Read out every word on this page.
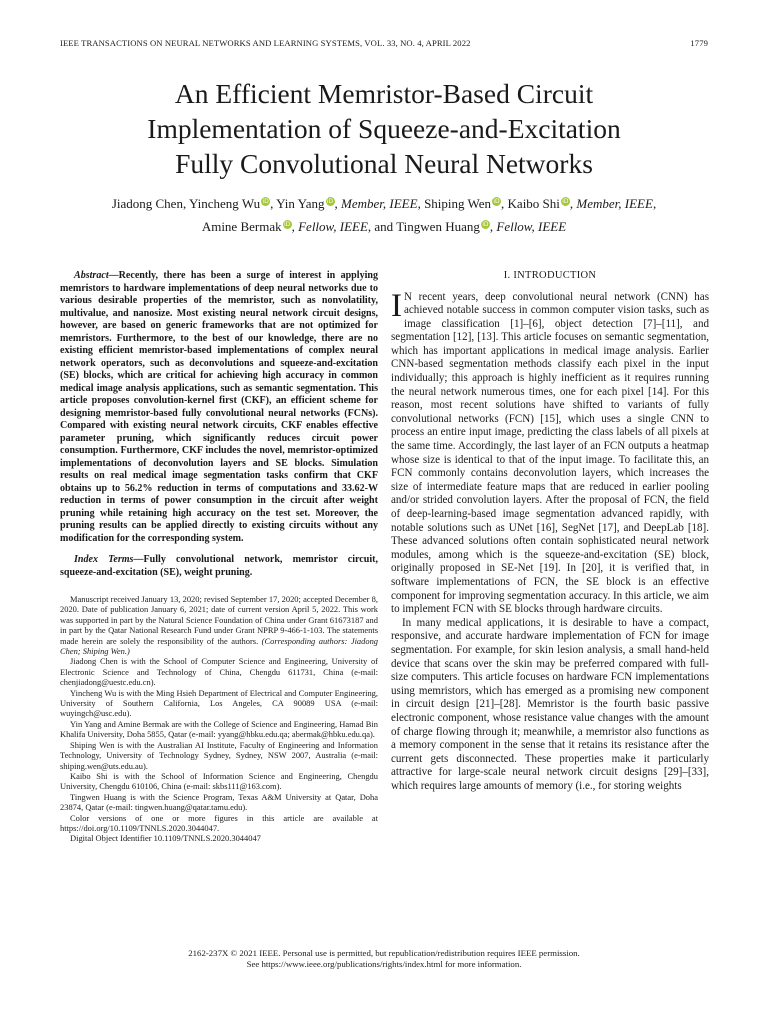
IEEE TRANSACTIONS ON NEURAL NETWORKS AND LEARNING SYSTEMS, VOL. 33, NO. 4, APRIL 2022	1779
An Efficient Memristor-Based Circuit
Implementation of Squeeze-and-Excitation
Fully Convolutional Neural Networks
Jiadong Chen, Yincheng Wu iD, Yin Yang iD, Member, IEEE, Shiping Wen iD, Kaibo Shi iD, Member, IEEE,
Amine Bermak iD, Fellow, IEEE, and Tingwen Huang iD, Fellow, IEEE

Abstract—Recently, there has been a surge of interest in applying memristors to hardware implementations of deep neural networks due to various desirable properties of the memristor, such as nonvolatility, multivalue, and nanosize. Most existing neural network circuit designs, however, are based on generic frameworks that are not optimized for memristors. Furthermore, to the best of our knowledge, there are no existing efficient memristor-based implementations of complex neural network operators, such as deconvolutions and squeeze-and-excitation (SE) blocks, which are critical for achieving high accuracy in common medical image analysis applications, such as semantic segmentation. This article proposes convolution-kernel first (CKF), an efficient scheme for designing memristor-based fully convolutional neural networks (FCNs). Compared with existing neural network circuits, CKF enables effective parameter pruning, which significantly reduces circuit power consumption. Furthermore, CKF includes the novel, memristor-optimized implementations of deconvolution layers and SE blocks. Simulation results on real medical image segmentation tasks confirm that CKF obtains up to 56.2% reduction in terms of computations and 33.62-W reduction in terms of power consumption in the circuit after weight pruning while retaining high accuracy on the test set. Moreover, the pruning results can be applied directly to existing circuits without any modification for the corresponding system.

Index Terms—Fully convolutional network, memristor circuit, squeeze-and-excitation (SE), weight pruning.

Manuscript received January 13, 2020; revised September 17, 2020; accepted December 8, 2020. Date of publication January 6, 2021; date of current version April 5, 2022. This work was supported in part by the Natural Science Foundation of China under Grant 61673187 and in part by the Qatar National Research Fund under Grant NPRP 9-466-1-103. The statements made herein are solely the responsibility of the authors. (Corresponding authors: Jiadong Chen; Shiping Wen.)

Jiadong Chen is with the School of Computer Science and Engineering, University of Electronic Science and Technology of China, Chengdu 611731, China (e-mail: chenjiadong@uestc.edu.cn).

Yincheng Wu is with the Ming Hsieh Department of Electrical and Computer Engineering, University of Southern California, Los Angeles, CA 90089 USA (e-mail: wuyingch@usc.edu).

Yin Yang and Amine Bermak are with the College of Science and Engineering, Hamad Bin Khalifa University, Doha 5855, Qatar (e-mail: yyang@hbku.edu.qa; abermak@hbku.edu.qa).

Shiping Wen is with the Australian AI Institute, Faculty of Engineering and Information Technology, University of Technology Sydney, Sydney, NSW 2007, Australia (e-mail: shiping.wen@uts.edu.au).

Kaibo Shi is with the School of Information Science and Engineering, Chengdu University, Chengdu 610106, China (e-mail: skbs111@163.com).

Tingwen Huang is with the Science Program, Texas A&M University at Qatar, Doha 23874, Qatar (e-mail: tingwen.huang@qatar.tamu.edu).

Color versions of one or more figures in this article are available at https://doi.org/10.1109/TNNLS.2020.3044047.

Digital Object Identifier 10.1109/TNNLS.2020.3044047

I. INTRODUCTION

I N recent years, deep convolutional neural network (CNN) has achieved notable success in common computer vision tasks, such as image classification [1]–[6], object detection [7]–[11], and segmentation [12], [13]. This article focuses on semantic segmentation, which has important applications in medical image analysis. Earlier CNN-based segmentation methods classify each pixel in the input individually; this approach is highly inefficient as it requires running the neural network numerous times, one for each pixel [14]. For this reason, most recent solutions have shifted to variants of fully convolutional networks (FCN) [15], which uses a single CNN to process an entire input image, predicting the class labels of all pixels at the same time. Accordingly, the last layer of an FCN outputs a heatmap whose size is identical to that of the input image. To facilitate this, an FCN commonly contains deconvolution layers, which increases the size of intermediate feature maps that are reduced in earlier pooling and/or strided convolution layers. After the proposal of FCN, the field of deep-learning-based image segmentation advanced rapidly, with notable solutions such as UNet [16], SegNet [17], and DeepLab [18]. These advanced solutions often contain sophisticated neural network modules, among which is the squeeze-and-excitation (SE) block, originally proposed in SE-Net [19]. In [20], it is verified that, in software implementations of FCN, the SE block is an effective component for improving segmentation accuracy. In this article, we aim to implement FCN with SE blocks through hardware circuits.

In many medical applications, it is desirable to have a compact, responsive, and accurate hardware implementation of FCN for image segmentation. For example, for skin lesion analysis, a small hand-held device that scans over the skin may be preferred compared with full-size computers. This article focuses on hardware FCN implementations using memristors, which has emerged as a promising new component in circuit design [21]–[28]. Memristor is the fourth basic passive electronic component, whose resistance value changes with the amount of charge flowing through it; meanwhile, a memristor also functions as a memory component in the sense that it retains its resistance after the current gets disconnected. These properties make it particularly attractive for large-scale neural network circuit designs [29]–[33], which requires large amounts of memory (i.e., for storing weights

2162-237X © 2021 IEEE. Personal use is permitted, but republication/redistribution requires IEEE permission.
See https://www.ieee.org/publications/rights/index.html for more information.
